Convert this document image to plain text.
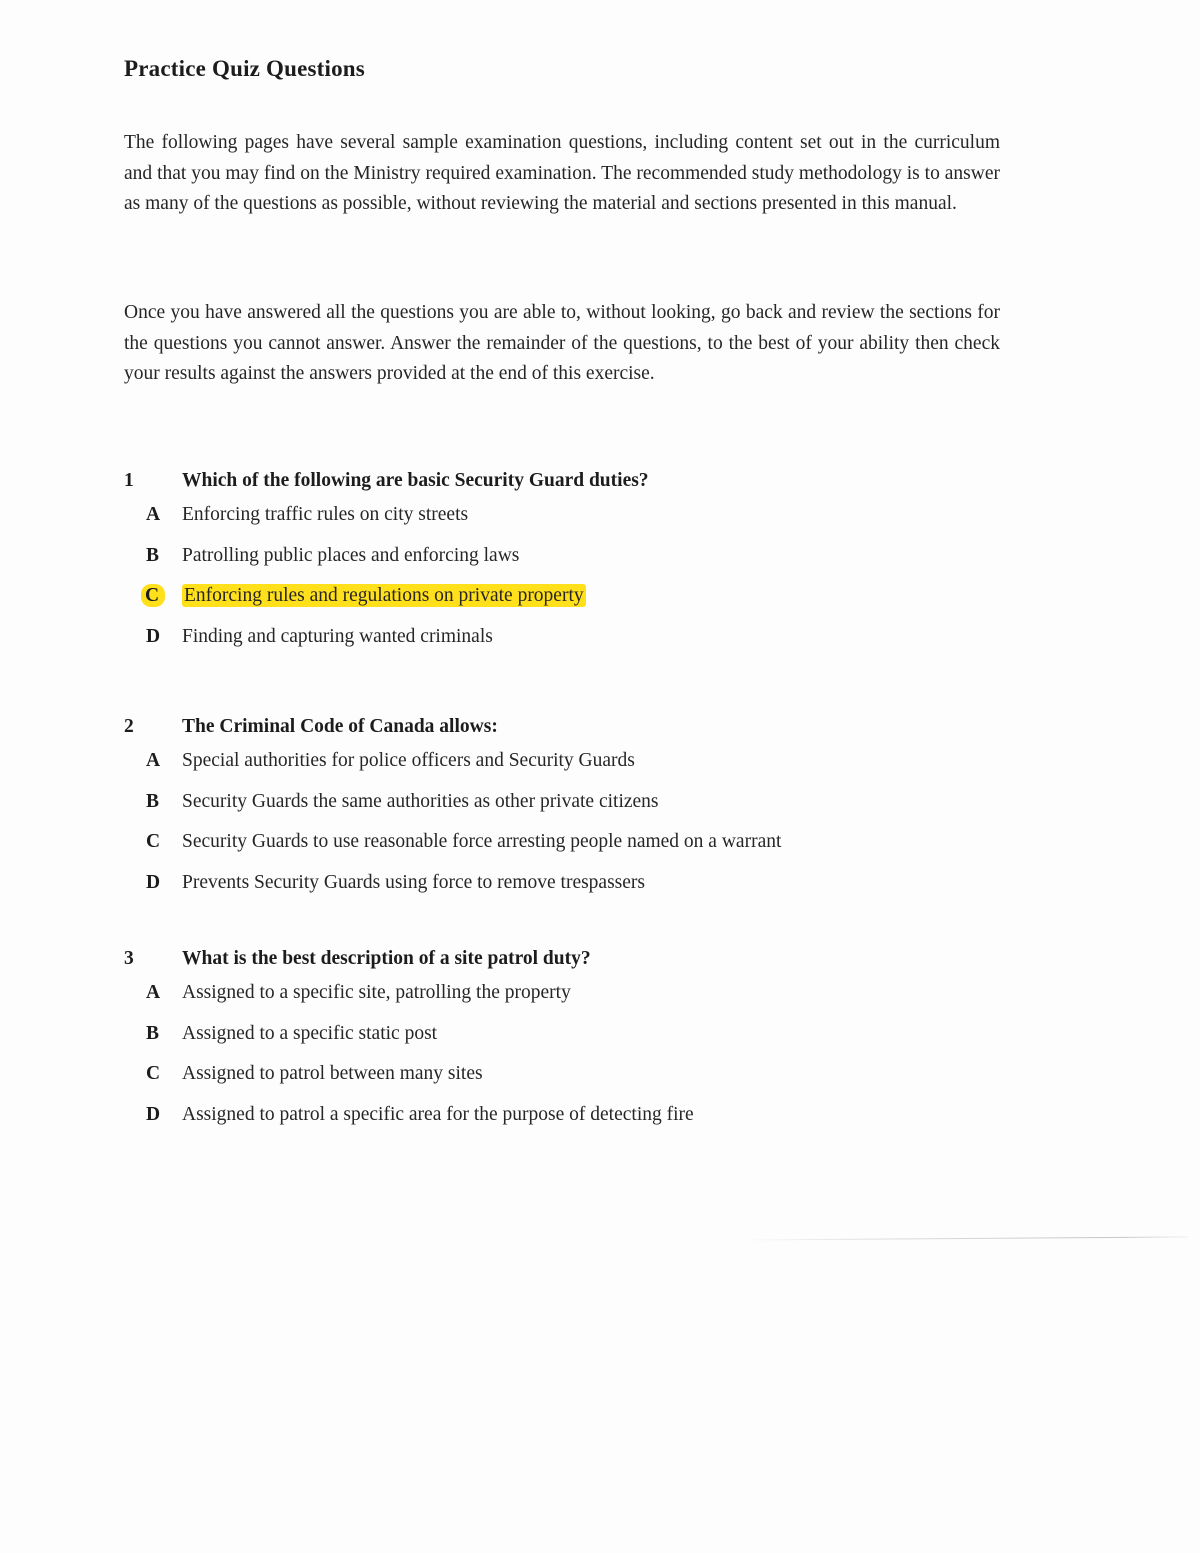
Practice Quiz Questions
The following pages have several sample examination questions, including content set out in the curriculum and that you may find on the Ministry required examination. The recommended study methodology is to answer as many of the questions as possible, without reviewing the material and sections presented in this manual.
Once you have answered all the questions you are able to, without looking, go back and review the sections for the questions you cannot answer. Answer the remainder of the questions, to the best of your ability then check your results against the answers provided at the end of this exercise.
1	Which of the following are basic Security Guard duties?
A	Enforcing traffic rules on city streets
B	Patrolling public places and enforcing laws
C	Enforcing rules and regulations on private property
D	Finding and capturing wanted criminals
2	The Criminal Code of Canada allows:
A	Special authorities for police officers and Security Guards
B	Security Guards the same authorities as other private citizens
C	Security Guards to use reasonable force arresting people named on a warrant
D	Prevents Security Guards using force to remove trespassers
3	What is the best description of a site patrol duty?
A	Assigned to a specific site, patrolling the property
B	Assigned to a specific static post
C	Assigned to patrol between many sites
D	Assigned to patrol a specific area for the purpose of detecting fire
